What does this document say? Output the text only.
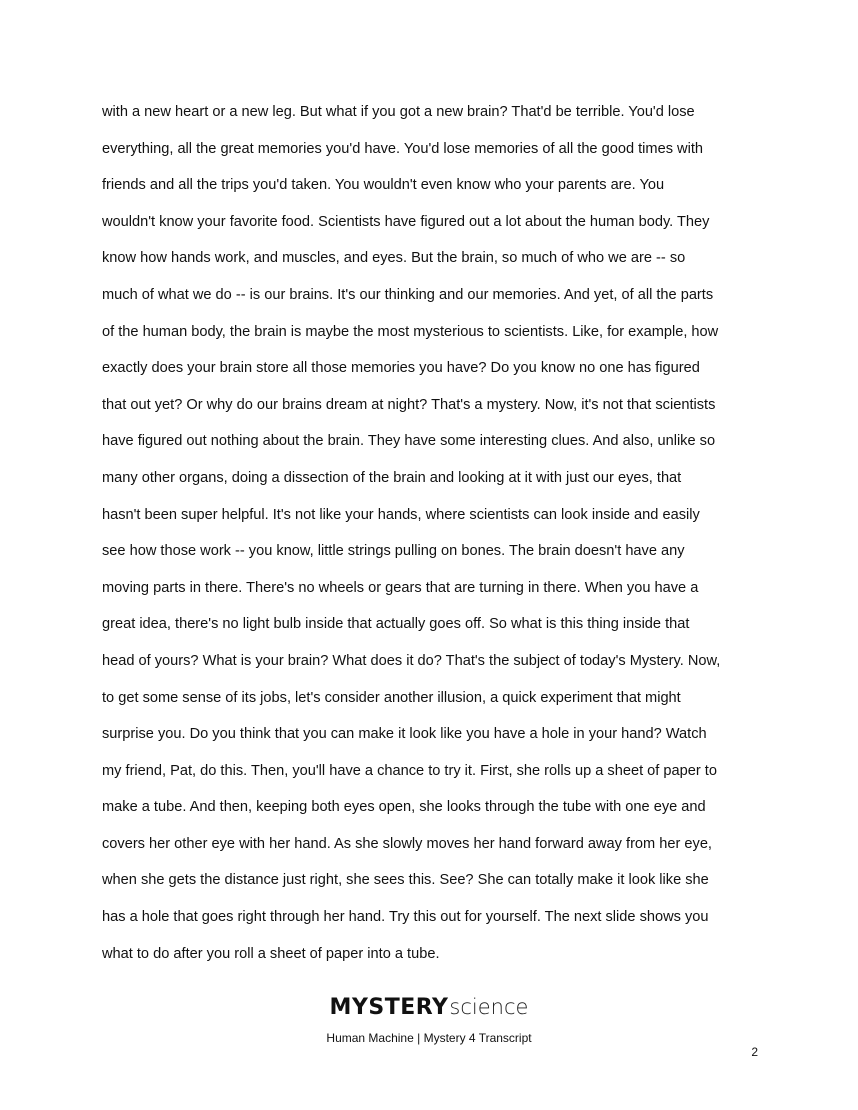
with a new heart or a new leg. But what if you got a new brain? That'd be terrible. You'd lose
everything, all the great memories you'd have. You'd lose memories of all the good times with
friends and all the trips you'd taken. You wouldn't even know who your parents are. You
wouldn't know your favorite food. Scientists have figured out a lot about the human body. They
know how hands work, and muscles, and eyes. But the brain, so much of who we are -- so
much of what we do -- is our brains. It's our thinking and our memories. And yet, of all the parts
of the human body, the brain is maybe the most mysterious to scientists. Like, for example, how
exactly does your brain store all those memories you have? Do you know no one has figured
that out yet? Or why do our brains dream at night? That's a mystery. Now, it's not that scientists
have figured out nothing about the brain. They have some interesting clues. And also, unlike so
many other organs, doing a dissection of the brain and looking at it with just our eyes, that
hasn't been super helpful. It's not like your hands, where scientists can look inside and easily
see how those work -- you know, little strings pulling on bones. The brain doesn't have any
moving parts in there. There's no wheels or gears that are turning in there. When you have a
great idea, there's no light bulb inside that actually goes off. So what is this thing inside that
head of yours? What is your brain? What does it do? That's the subject of today's Mystery. Now,
to get some sense of its jobs, let's consider another illusion, a quick experiment that might
surprise you. Do you think that you can make it look like you have a hole in your hand? Watch
my friend, Pat, do this. Then, you'll have a chance to try it. First, she rolls up a sheet of paper to
make a tube. And then, keeping both eyes open, she looks through the tube with one eye and
covers her other eye with her hand. As she slowly moves her hand forward away from her eye,
when she gets the distance just right, she sees this. See? She can totally make it look like she
has a hole that goes right through her hand. Try this out for yourself. The next slide shows you
what to do after you roll a sheet of paper into a tube.
MYSTERYscience
Human Machine | Mystery 4 Transcript
2
